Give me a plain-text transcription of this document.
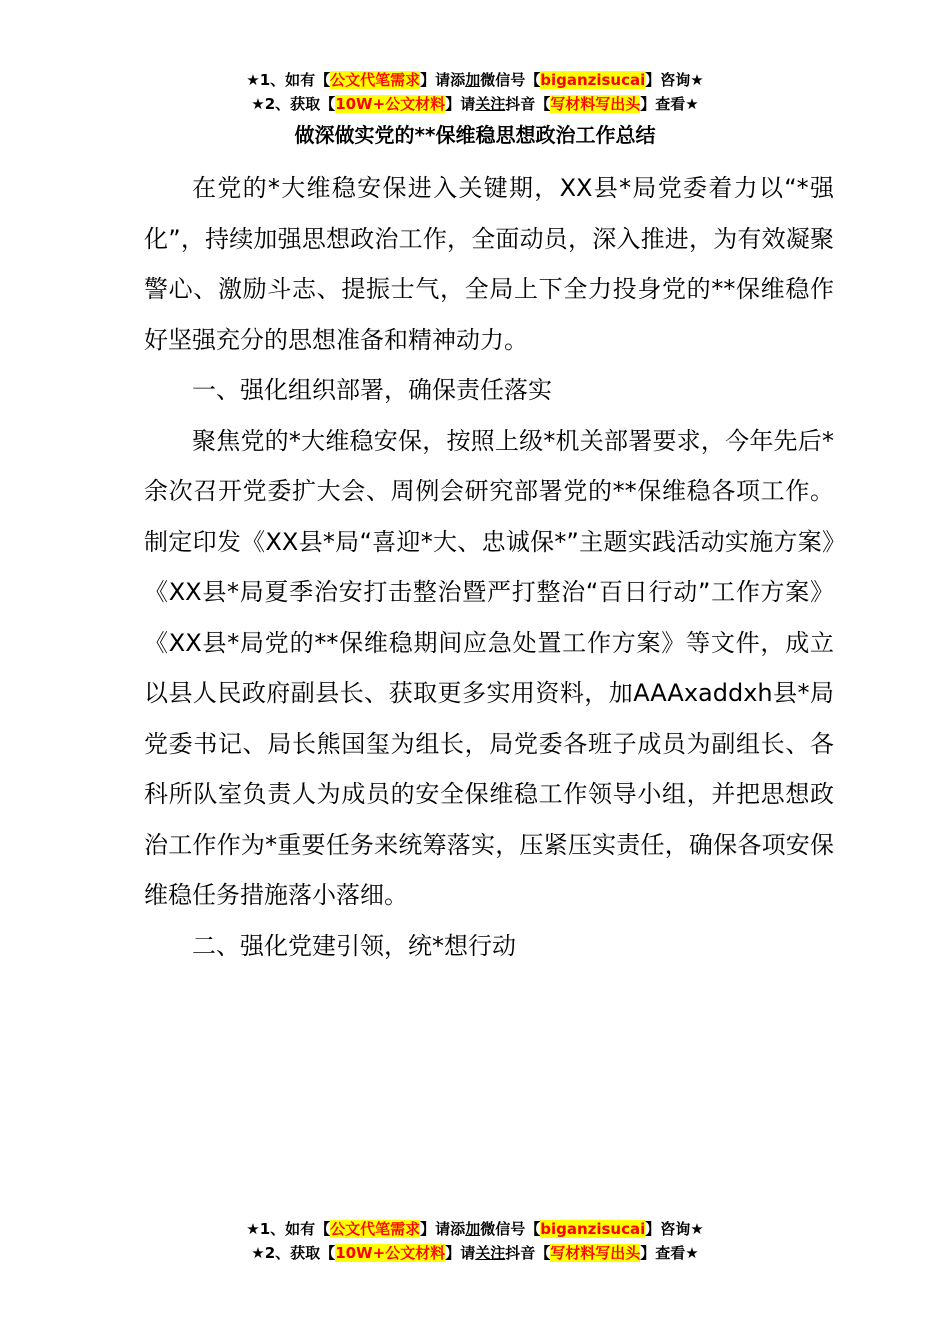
★1、如有【公文代笔需求】请添加微信号【biganzisucai】咨询★
★2、获取【10W+公文材料】请关注抖音【写材料写出头】查看★
做深做实党的**保维稳思想政治工作总结

在党的*大维稳安保进入关键期，XX县*局党委着力以“*强化”，持续加强思想政治工作，全面动员，深入推进，为有效凝聚警心、激励斗志、提振士气，全局上下全力投身党的**保维稳作好坚强充分的思想准备和精神动力。

一、强化组织部署，确保责任落实

聚焦党的*大维稳安保，按照上级*机关部署要求，今年先后*余次召开党委扩大会、周例会研究部署党的**保维稳各项工作。制定印发《XX县*局“喜迎*大、忠诚保*”主题实践活动实施方案》《XX县*局夏季治安打击整治暨严打整治“百日行动”工作方案》《XX县*局党的**保维稳期间应急处置工作方案》等文件，成立以县人民政府副县长、获取更多实用资料，加AAAxaddxh县*局党委书记、局长熊国玺为组长，局党委各班子成员为副组长、各科所队室负责人为成员的安全保维稳工作领导小组，并把思想政治工作作为*重要任务来统筹落实，压紧压实责任，确保各项安保维稳任务措施落小落细。

二、强化党建引领，统*想行动

★1、如有【公文代笔需求】请添加微信号【biganzisucai】咨询★
★2、获取【10W+公文材料】请关注抖音【写材料写出头】查看★
